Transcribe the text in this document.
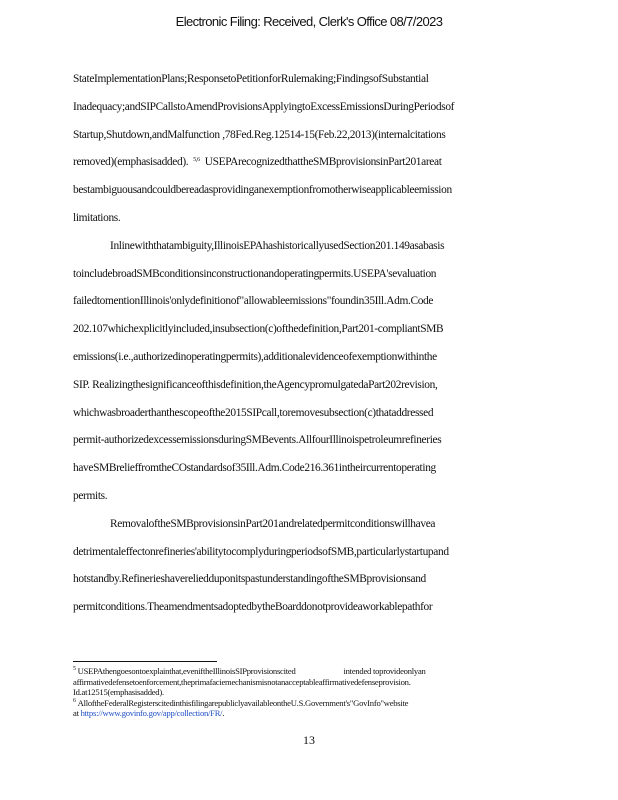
Electronic Filing: Received, Clerk's Office 08/7/2023
StateImplementationPlans;ResponsetoPetitionforRulemaking;FindingsofSubstantial
Inadequacy;andSIPCallstoAmendProvisionsApplyingtoExcessEmissionsDuringPeriodsof
Startup,Shutdown,andMalfunction ,78Fed.Reg.12514-15(Feb.22,2013)(internalcitations
removed)(emphasisadded). $^{5,6}$ USEPArecognizedthattheSMBprovisionsinPart201areat
bestambiguousandcouldbereadasprovidinganexemptionfromotherwiseapplicableemission
limitations.
Inlinewiththatambiguity,IllinoisEPAhashistoricallyusedSection201.149asabasis
toincludebroadSMBconditionsinconstructionandoperatingpermits.USEPA'sevaluation
failedtomentionIllinois'onlydefinitionof"allowableemissions"foundin35Ill.Adm.Code
202.107whichexplicitlyincluded,insubsection(c)ofthedefinition,Part201-compliantSMB
emissions(i.e.,authorizedinoperatingpermits),additionalevidenceofexemptionwithinthe
SIP. Realizingthesignificanceofthisdefinition,theAgencypromulgatedaPart202revision,
whichwasbroaderthanthescopeofthe2015SIPcall,toremovesubsection(c)thataddressed
permit-authorizedexcessemissionsduringSMBevents.AllfourIllinoispetroleumrefineries
haveSMBrelieffromtheCOstandardsof35Ill.Adm.Code216.361intheircurrentoperating
permits.
RemovaloftheSMBprovisionsinPart201andrelatedpermitconditionswillhavea
detrimentaleffectonrefineries'abilitytocomplyduringperiodsofSMB,particularlystartupand
hotstandby.RefinerieshavereliedduponitspastunderstandingoftheSMBprovisionsand
permitconditions.TheamendmentsadoptedbytheBoarddonotprovideaworkablepathfor
$^5$ USEPAthengoesontoexplainthat,eveniftheIllinoisSIPprovisionscited	intended toprovideonlyan
affirmativedefensetoenforcement,theprimafaciemechanismisnotanacceptableaffirmativedefenseprovision.
Id.at12515(emphasisadded).
$^6$ AlloftheFederalRegisterscitedinthisfilingarepubliclyavailableontheU.S.Government's"GovInfo"website
at https://www.govinfo.gov/app/collection/FR/.
13
